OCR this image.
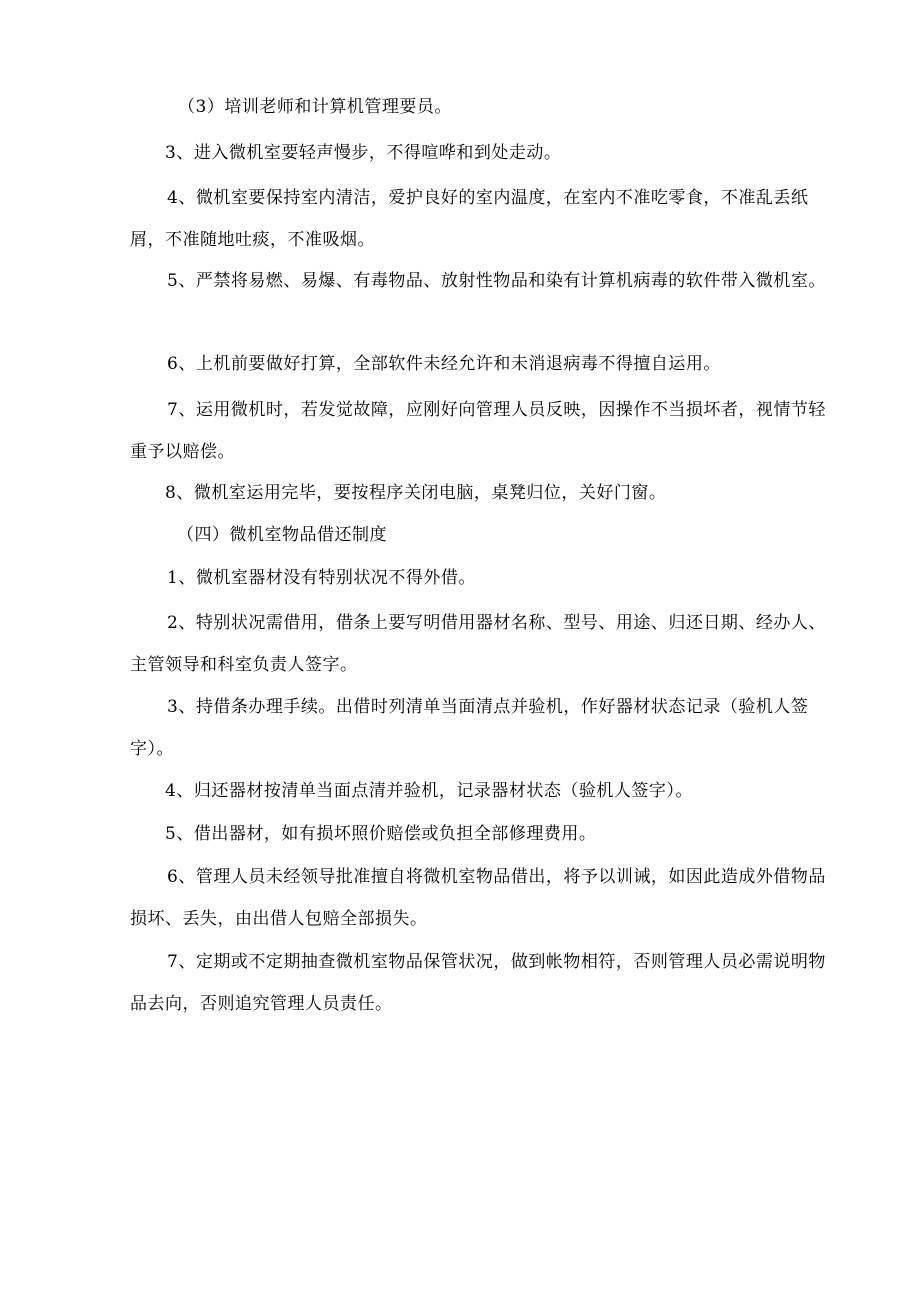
（3）培训老师和计算机管理要员。
3、进入微机室要轻声慢步，不得喧哗和到处走动。
4、微机室要保持室内清洁，爱护良好的室内温度，在室内不准吃零食，不准乱丢纸屑，不准随地吐痰，不准吸烟。
5、严禁将易燃、易爆、有毒物品、放射性物品和染有计算机病毒的软件带入微机室。
6、上机前要做好打算，全部软件未经允许和未消退病毒不得擅自运用。
7、运用微机时，若发觉故障，应刚好向管理人员反映，因操作不当损坏者，视情节轻重予以赔偿。
8、微机室运用完毕，要按程序关闭电脑，桌凳归位，关好门窗。
（四）微机室物品借还制度
1、微机室器材没有特别状况不得外借。
2、特别状况需借用，借条上要写明借用器材名称、型号、用途、归还日期、经办人、主管领导和科室负责人签字。
3、持借条办理手续。出借时列清单当面清点并验机，作好器材状态记录（验机人签字）。
4、归还器材按清单当面点清并验机，记录器材状态（验机人签字）。
5、借出器材，如有损坏照价赔偿或负担全部修理费用。
6、管理人员未经领导批准擅自将微机室物品借出，将予以训诫，如因此造成外借物品损坏、丢失，由出借人包赔全部损失。
7、定期或不定期抽查微机室物品保管状况，做到帐物相符，否则管理人员必需说明物品去向，否则追究管理人员责任。
